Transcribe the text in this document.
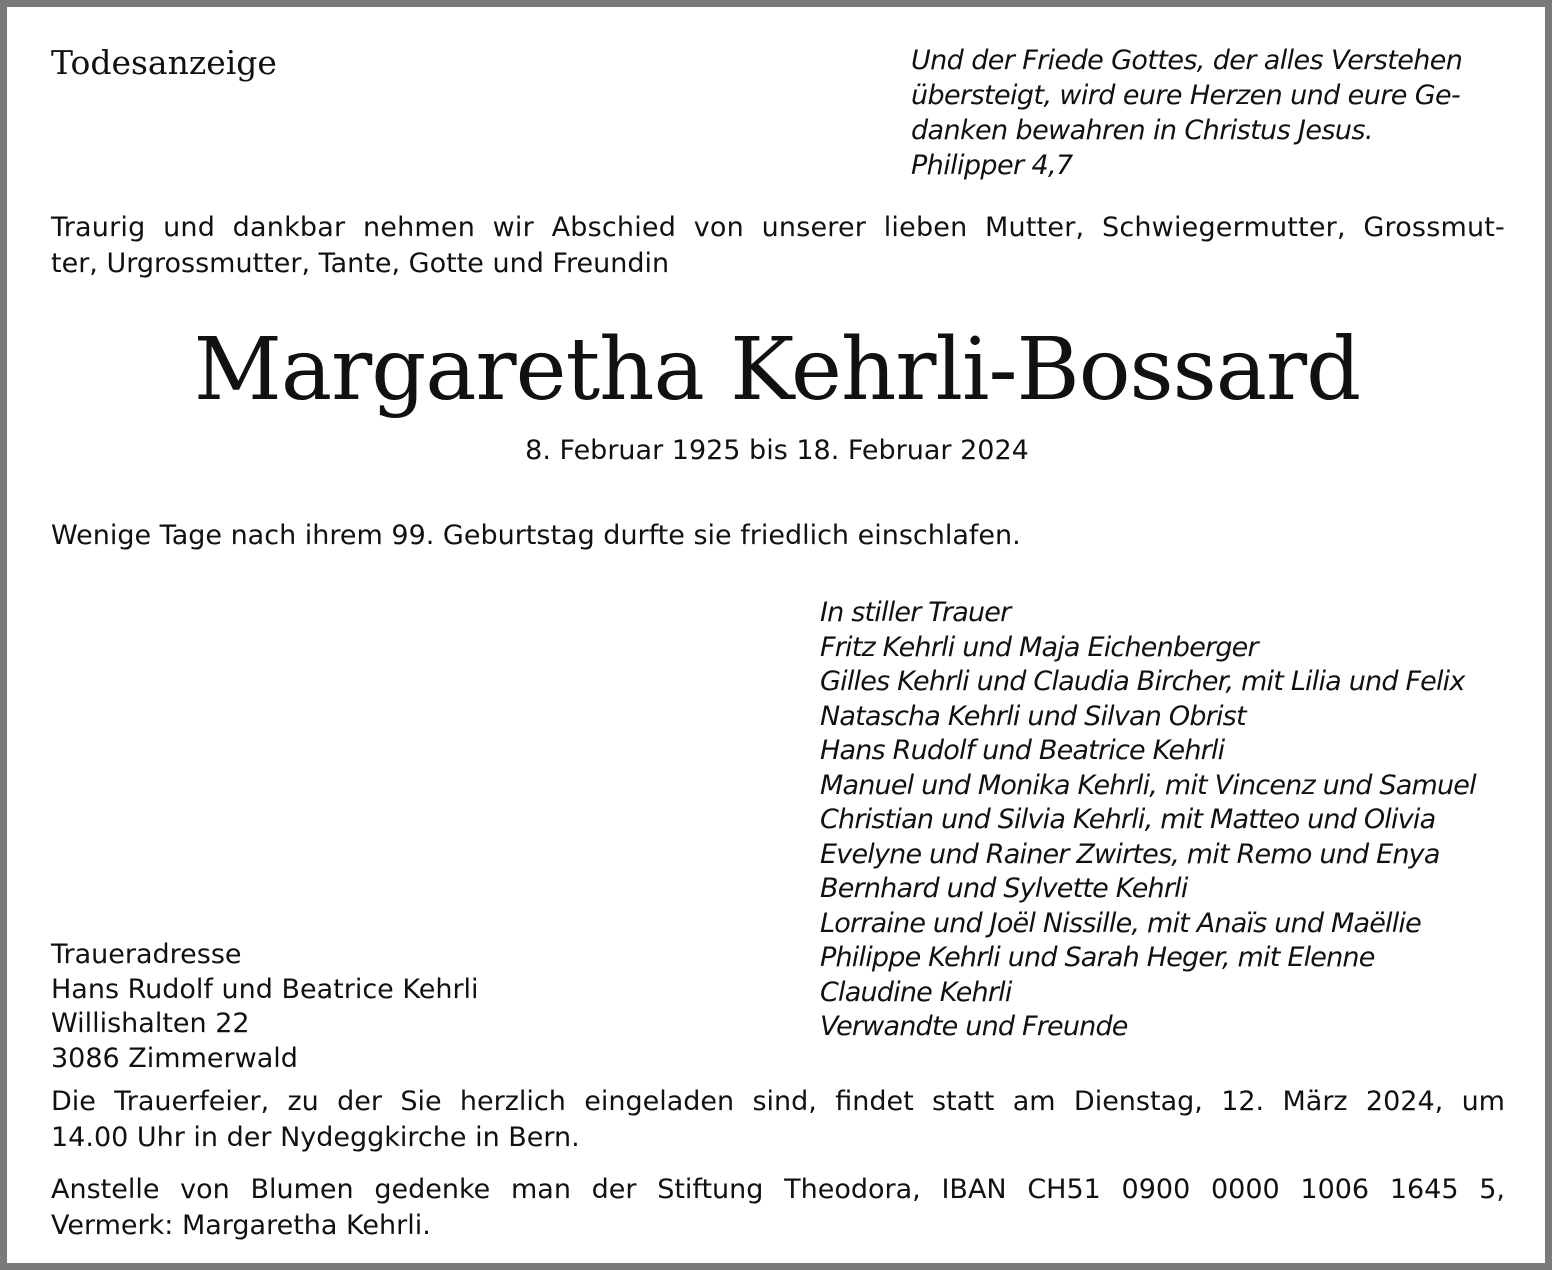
Todesanzeige	Und der Friede Gottes, der alles Verstehen
übersteigt, wird eure Herzen und eure Ge-
danken bewahren in Christus Jesus.
Philipper 4,7
Traurig und dankbar nehmen wir Abschied von unserer lieben Mutter, Schwiegermutter, Grossmut-
ter, Urgrossmutter, Tante, Gotte und Freundin
Margaretha Kehrli-Bossard
8. Februar 1925 bis 18. Februar 2024
Wenige Tage nach ihrem 99. Geburtstag durfte sie friedlich einschlafen.
In stiller Trauer
Fritz Kehrli und Maja Eichenberger
Gilles Kehrli und Claudia Bircher, mit Lilia und Felix
Natascha Kehrli und Silvan Obrist
Hans Rudolf und Beatrice Kehrli
Manuel und Monika Kehrli, mit Vincenz und Samuel
Christian und Silvia Kehrli, mit Matteo und Olivia
Evelyne und Rainer Zwirtes, mit Remo und Enya
Bernhard und Sylvette Kehrli
Lorraine und Joël Nissille, mit Anaïs und Maëllie
Philippe Kehrli und Sarah Heger, mit Elenne
Claudine Kehrli
Verwandte und Freunde
Traueradresse
Hans Rudolf und Beatrice Kehrli
Willishalten 22
3086 Zimmerwald
Die Trauerfeier, zu der Sie herzlich eingeladen sind, findet statt am Dienstag, 12. März 2024, um
14.00 Uhr in der Nydeggkirche in Bern.
Anstelle von Blumen gedenke man der Stiftung Theodora, IBAN CH51 0900 0000 1006 1645 5,
Vermerk: Margaretha Kehrli.
